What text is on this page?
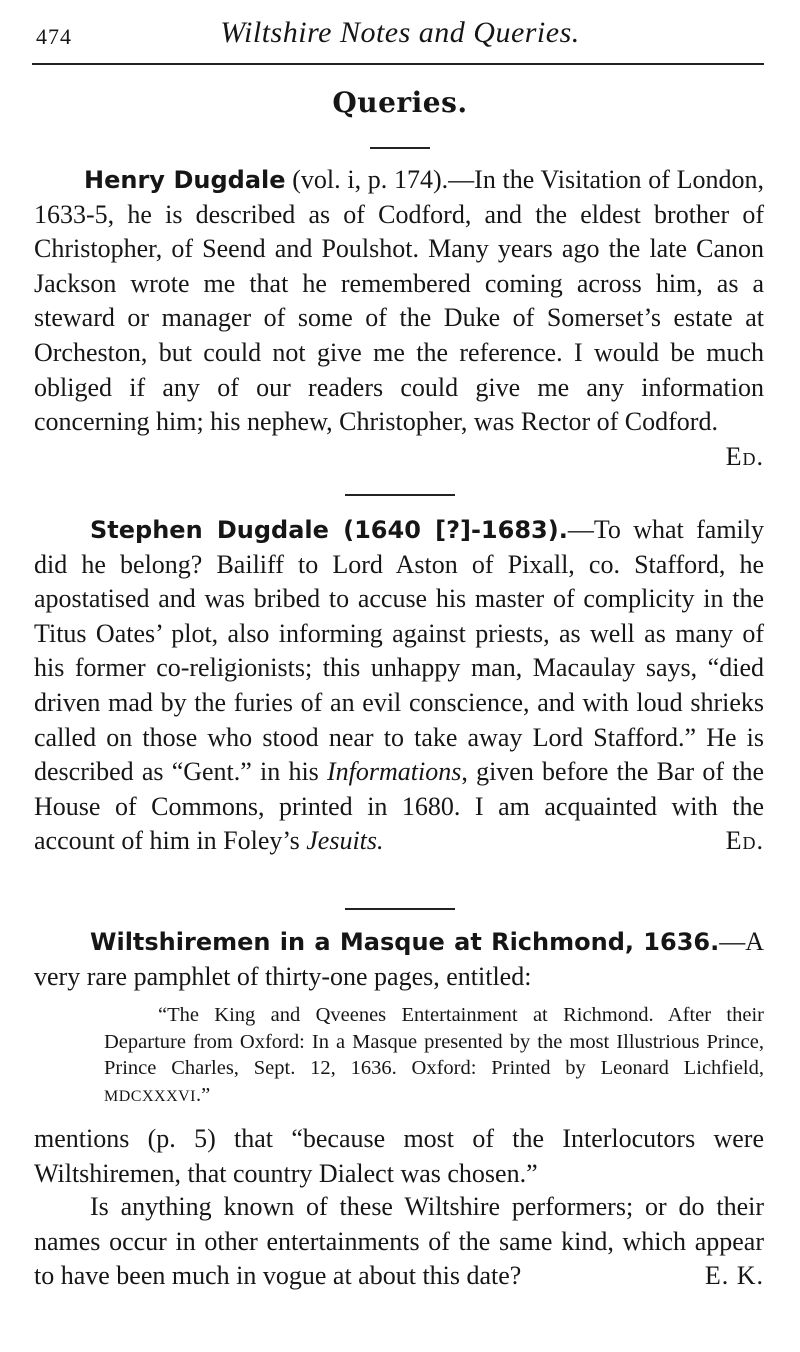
474	Wiltshire Notes and Queries.
Queries.

Henry Dugdale (vol. i, p. 174).—In the Visitation of London, 1633-5, he is described as of Codford, and the eldest brother of Christopher, of Seend and Poulshot. Many years ago the late Canon Jackson wrote me that he remembered coming across him, as a steward or manager of some of the Duke of Somerset’s estate at Orcheston, but could not give me the reference. I would be much obliged if any of our readers could give me any information concerning him; his nephew, Christopher, was Rector of Codford.
Ed.

Stephen Dugdale (1640 [?]-1683).—To what family did he belong? Bailiff to Lord Aston of Pixall, co. Stafford, he apostatised and was bribed to accuse his master of complicity in the Titus Oates’ plot, also informing against priests, as well as many of his former co-religionists; this unhappy man, Macaulay says, “died driven mad by the furies of an evil conscience, and with loud shrieks called on those who stood near to take away Lord Stafford.” He is described as “Gent.” in his Informations, given before the Bar of the House of Commons, printed in 1680. I am acquainted with the account of him in Foley’s Jesuits.	Ed.

Wiltshiremen in a Masque at Richmond, 1636.—A very rare pamphlet of thirty-one pages, entitled:

“The King and Qveenes Entertainment at Richmond. After their Departure from Oxford: In a Masque presented by the most Illustrious Prince, Prince Charles, Sept. 12, 1636. Oxford: Printed by Leonard Lichfield, MDCXXXVI.”

mentions (p. 5) that “because most of the Interlocutors were Wiltshiremen, that country Dialect was chosen.”

Is anything known of these Wiltshire performers; or do their names occur in other entertainments of the same kind, which appear to have been much in vogue at about this date?	E. K.
